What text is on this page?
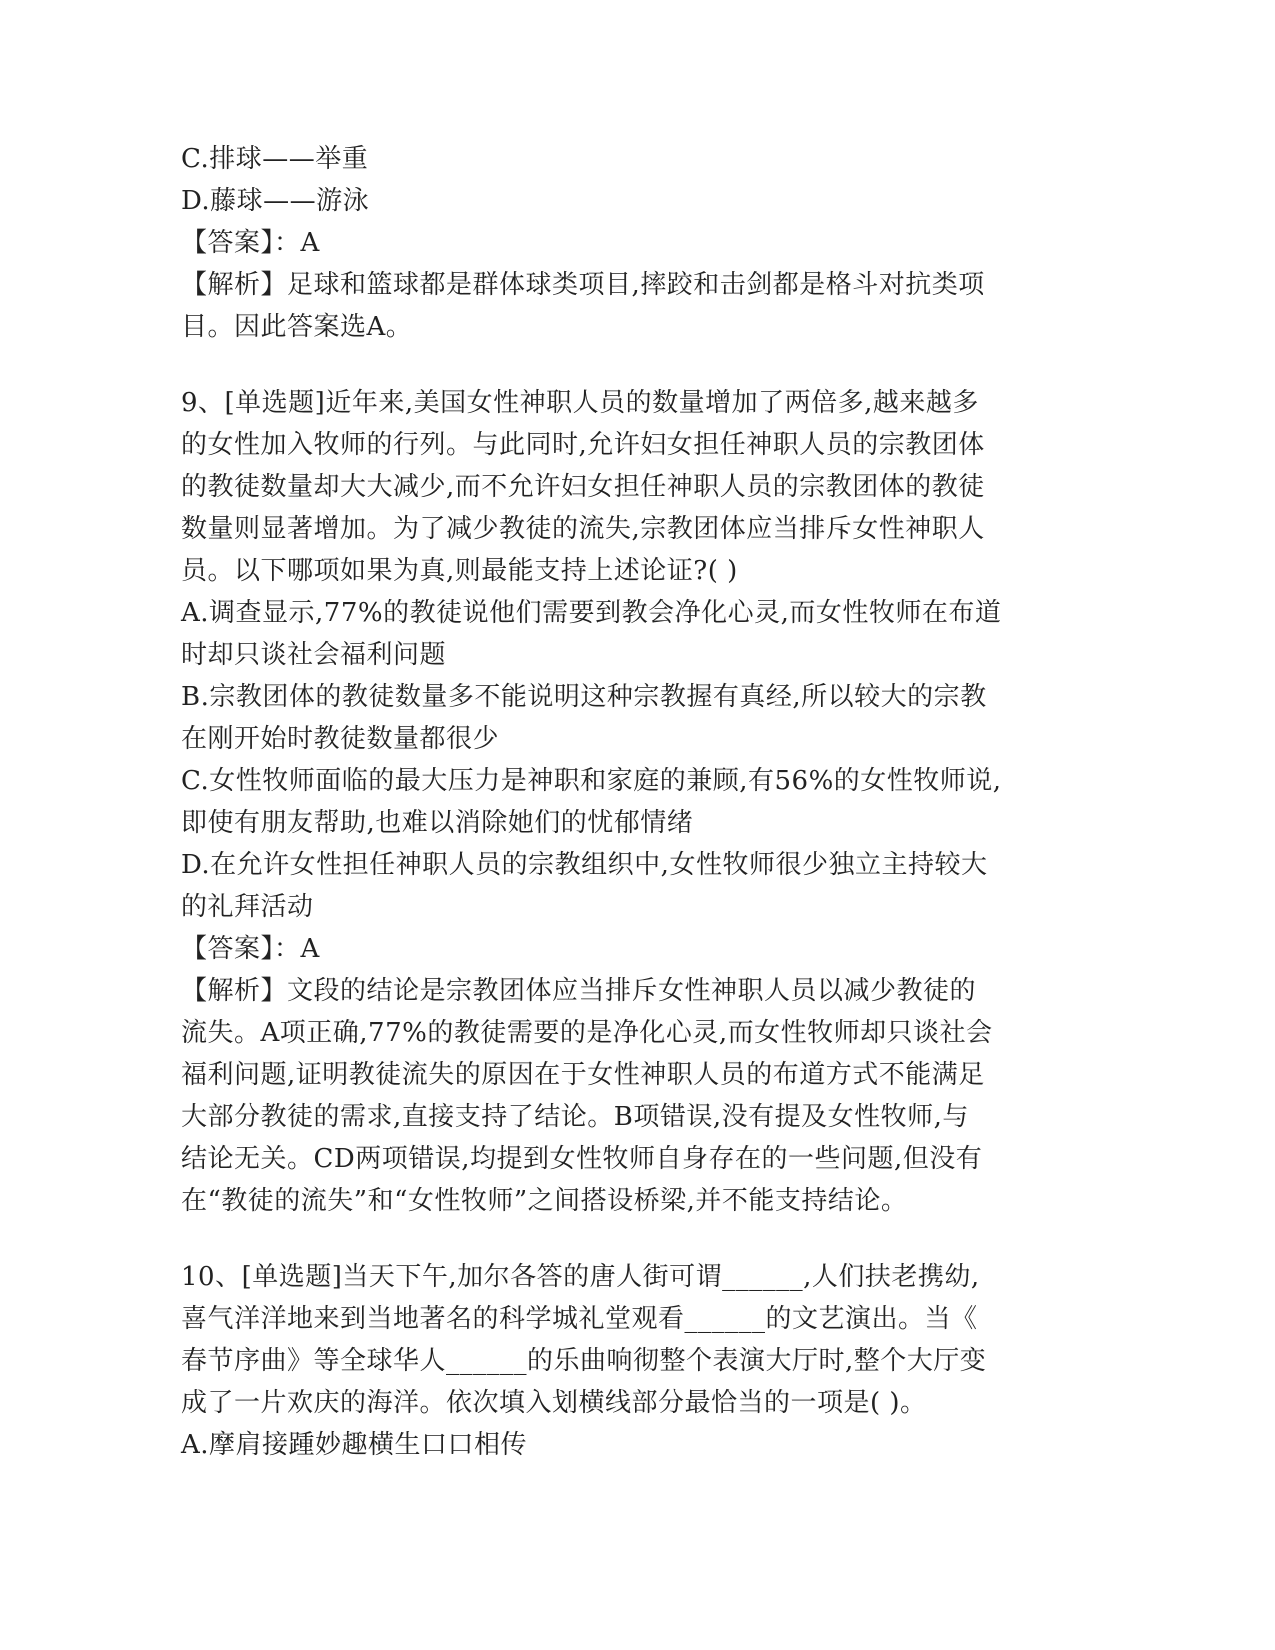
C.排球——举重
D.藤球——游泳
【答案】：A
【解析】足球和篮球都是群体球类项目,摔跤和击剑都是格斗对抗类项
目。因此答案选A。
9、[单选题]近年来,美国女性神职人员的数量增加了两倍多,越来越多
的女性加入牧师的行列。与此同时,允许妇女担任神职人员的宗教团体
的教徒数量却大大减少,而不允许妇女担任神职人员的宗教团体的教徒
数量则显著增加。为了减少教徒的流失,宗教团体应当排斥女性神职人
员。以下哪项如果为真,则最能支持上述论证?( )
A.调查显示,77%的教徒说他们需要到教会净化心灵,而女性牧师在布道
时却只谈社会福利问题
B.宗教团体的教徒数量多不能说明这种宗教握有真经,所以较大的宗教
在刚开始时教徒数量都很少
C.女性牧师面临的最大压力是神职和家庭的兼顾,有56%的女性牧师说,
即使有朋友帮助,也难以消除她们的忧郁情绪
D.在允许女性担任神职人员的宗教组织中,女性牧师很少独立主持较大
的礼拜活动
【答案】：A
【解析】文段的结论是宗教团体应当排斥女性神职人员以减少教徒的
流失。A项正确,77%的教徒需要的是净化心灵,而女性牧师却只谈社会
福利问题,证明教徒流失的原因在于女性神职人员的布道方式不能满足
大部分教徒的需求,直接支持了结论。B项错误,没有提及女性牧师,与
结论无关。CD两项错误,均提到女性牧师自身存在的一些问题,但没有
在“教徒的流失”和“女性牧师”之间搭设桥梁,并不能支持结论。
10、[单选题]当天下午,加尔各答的唐人街可谓______,人们扶老携幼,
喜气洋洋地来到当地著名的科学城礼堂观看______的文艺演出。当《
春节序曲》等全球华人______的乐曲响彻整个表演大厅时,整个大厅变
成了一片欢庆的海洋。依次填入划横线部分最恰当的一项是( )。
A.摩肩接踵妙趣横生口口相传
